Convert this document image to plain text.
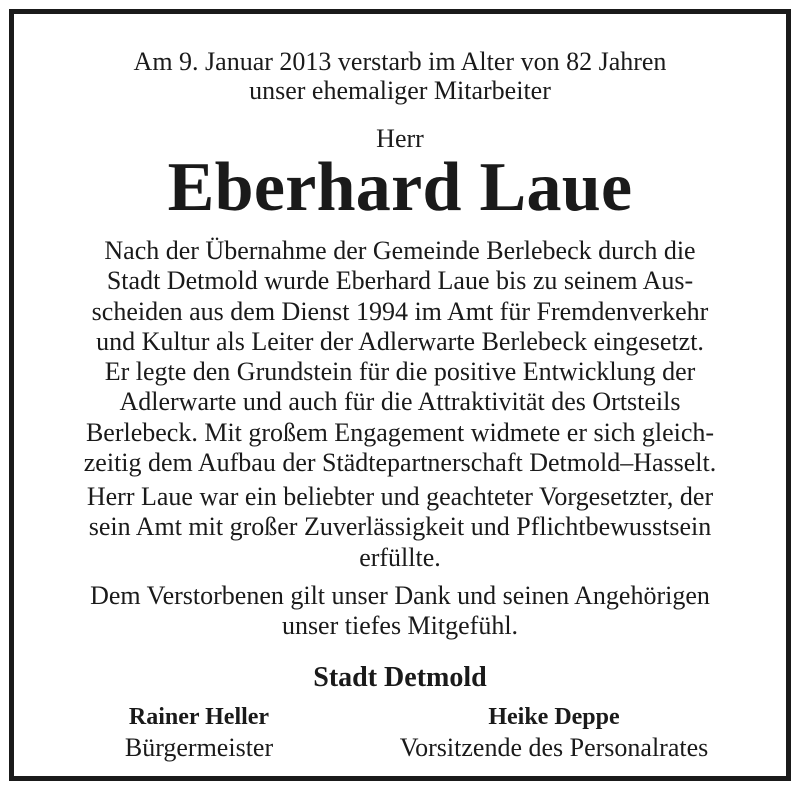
Am 9. Januar 2013 verstarb im Alter von 82 Jahren
unser ehemaliger Mitarbeiter
Herr
Eberhard Laue
Nach der Übernahme der Gemeinde Berlebeck durch die
Stadt Detmold wurde Eberhard Laue bis zu seinem Aus-
scheiden aus dem Dienst 1994 im Amt für Fremdenverkehr
und Kultur als Leiter der Adlerwarte Berlebeck eingesetzt.
Er legte den Grundstein für die positive Entwicklung der
Adlerwarte und auch für die Attraktivität des Ortsteils
Berlebeck. Mit großem Engagement widmete er sich gleich-
zeitig dem Aufbau der Städtepartnerschaft Detmold–Hasselt.
Herr Laue war ein beliebter und geachteter Vorgesetzter, der
sein Amt mit großer Zuverlässigkeit und Pflichtbewusstsein
erfüllte.
Dem Verstorbenen gilt unser Dank und seinen Angehörigen
unser tiefes Mitgefühl.
Stadt Detmold
Rainer Heller
Bürgermeister
Heike Deppe
Vorsitzende des Personalrates
